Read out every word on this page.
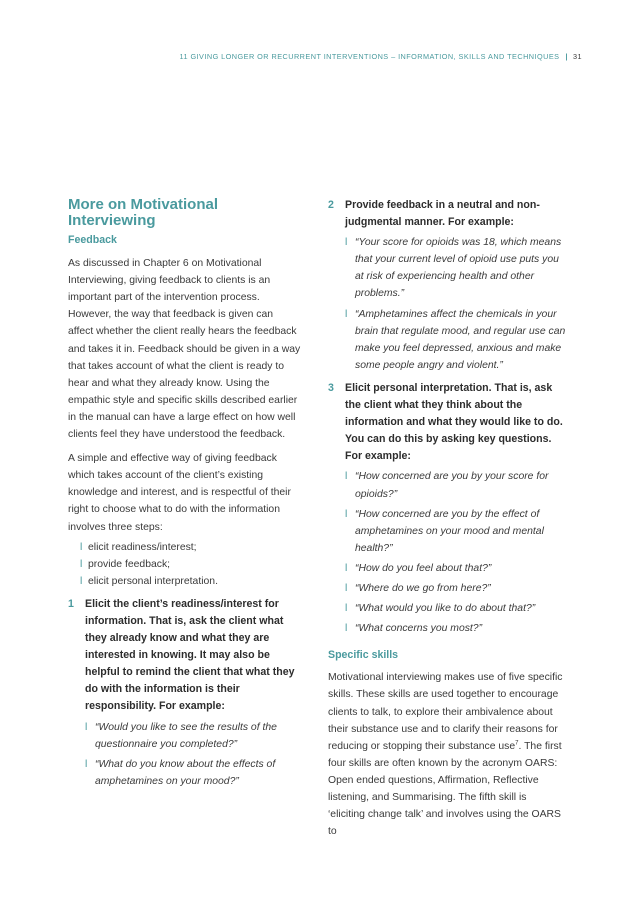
11 GIVING LONGER OR RECURRENT INTERVENTIONS – INFORMATION, SKILLS AND TECHNIQUES | 31
More on Motivational
Interviewing
Feedback

As discussed in Chapter 6 on Motivational Interviewing, giving feedback to clients is an important part of the intervention process. However, the way that feedback is given can affect whether the client really hears the feedback and takes it in. Feedback should be given in a way that takes account of what the client is ready to hear and what they already know. Using the empathic style and specific skills described earlier in the manual can have a large effect on how well clients feel they have understood the feedback.

A simple and effective way of giving feedback which takes account of the client’s existing knowledge and interest, and is respectful of their right to choose what to do with the information involves three steps:

l elicit readiness/interest;
l provide feedback;
l elicit personal interpretation.
1	Elicit the client’s readiness/interest for information. That is, ask the client what they already know and what they are interested in knowing. It may also be helpful to remind the client that what they do with the information is their responsibility. For example:
l “Would you like to see the results of the questionnaire you completed?”
l “What do you know about the effects of amphetamines on your mood?”
2	Provide feedback in a neutral and non-judgmental manner. For example:
l “Your score for opioids was 18, which means that your current level of opioid use puts you at risk of experiencing health and other problems.”
l “Amphetamines affect the chemicals in your brain that regulate mood, and regular use can make you feel depressed, anxious and make some people angry and violent.”
3	Elicit personal interpretation. That is, ask the client what they think about the information and what they would like to do. You can do this by asking key questions. For example:
l “How concerned are you by your score for opioids?”
l “How concerned are you by the effect of amphetamines on your mood and mental health?”
l “How do you feel about that?”
l “Where do we go from here?”
l “What would you like to do about that?”
l “What concerns you most?”
Specific skills

Motivational interviewing makes use of five specific skills. These skills are used together to encourage clients to talk, to explore their ambivalence about their substance use and to clarify their reasons for reducing or stopping their substance use$^7$. The first four skills are often known by the acronym OARS: Open ended questions, Affirmation, Reflective listening, and Summarising. The fifth skill is ‘eliciting change talk’ and involves using the OARS to
